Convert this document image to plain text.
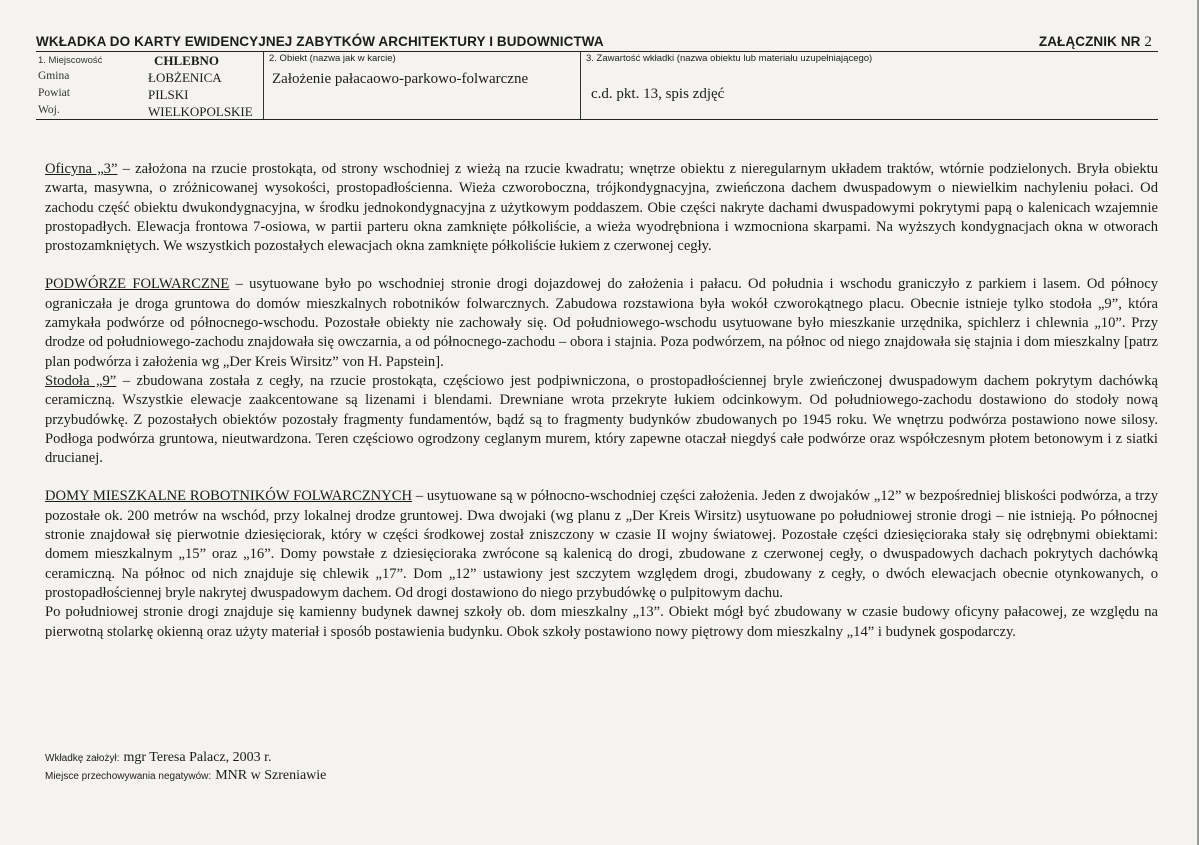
WKŁADKA DO KARTY EWIDENCYJNEJ ZABYTKÓW ARCHITEKTURY I BUDOWNICTWA	ZAŁĄCZNIK NR 2
1. Miejscowość	CHLEBNO
Gmina	ŁOBŻENICA
Powiat	PILSKI
Woj.	WIELKOPOLSKIE
2. Obiekt (nazwa jak w karcie)
Założenie pałacaowo-parkowo-folwarczne
3. Zawartość wkładki (nazwa obiektu lub materiału uzupełniającego)
c.d. pkt. 13, spis zdjęć

Oficyna „3” – założona na rzucie prostokąta, od strony wschodniej z wieżą na rzucie kwadratu; wnętrze obiektu z nieregularnym układem traktów, wtórnie podzielonych. Bryła obiektu zwarta, masywna, o zróżnicowanej wysokości, prostopadłościenna. Wieża czworoboczna, trójkondygnacyjna, zwieńczona dachem dwuspadowym o niewielkim nachyleniu połaci. Od zachodu część obiektu dwukondygnacyjna, w środku jednokondygnacyjna z użytkowym poddaszem. Obie części nakryte dachami dwuspadowymi pokrytymi papą o kalenicach wzajemnie prostopadłych. Elewacja frontowa 7-osiowa, w partii parteru okna zamknięte półkoliście, a wieża wyodrębniona i wzmocniona skarpami. Na wyższych kondygnacjach okna w otworach prostozamkniętych. We wszystkich pozostałych elewacjach okna zamknięte półkoliście łukiem z czerwonej cegły.

PODWÓRZE FOLWARCZNE – usytuowane było po wschodniej stronie drogi dojazdowej do założenia i pałacu. Od południa i wschodu graniczyło z parkiem i lasem. Od północy ograniczała je droga gruntowa do domów mieszkalnych robotników folwarcznych. Zabudowa rozstawiona była wokół czworokątnego placu. Obecnie istnieje tylko stodoła „9”, która zamykała podwórze od północnego-wschodu. Pozostałe obiekty nie zachowały się. Od południowego-wschodu usytuowane było mieszkanie urzędnika, spichlerz i chlewnia „10”. Przy drodze od południowego-zachodu znajdowała się owczarnia, a od północnego-zachodu – obora i stajnia. Poza podwórzem, na północ od niego znajdowała się stajnia i dom mieszkalny [patrz plan podwórza i założenia wg „Der Kreis Wirsitz” von H. Papstein].

Stodoła „9” – zbudowana została z cegły, na rzucie prostokąta, częściowo jest podpiwniczona, o prostopadłościennej bryle zwieńczonej dwuspadowym dachem pokrytym dachówką ceramiczną. Wszystkie elewacje zaakcentowane są lizenami i blendami. Drewniane wrota przekryte łukiem odcinkowym. Od południowego-zachodu dostawiono do stodoły nową przybudówkę. Z pozostałych obiektów pozostały fragmenty fundamentów, bądź są to fragmenty budynków zbudowanych po 1945 roku. We wnętrzu podwórza postawiono nowe silosy. Podłoga podwórza gruntowa, nieutwardzona. Teren częściowo ogrodzony ceglanym murem, który zapewne otaczał niegdyś całe podwórze oraz współczesnym płotem betonowym i z siatki drucianej.

DOMY MIESZKALNE ROBOTNIKÓW FOLWARCZNYCH – usytuowane są w północno-wschodniej części założenia. Jeden z dwojaków „12” w bezpośredniej bliskości podwórza, a trzy pozostałe ok. 200 metrów na wschód, przy lokalnej drodze gruntowej. Dwa dwojaki (wg planu z „Der Kreis Wirsitz) usytuowane po południowej stronie drogi – nie istnieją. Po północnej stronie znajdował się pierwotnie dziesięciorak, który w części środkowej został zniszczony w czasie II wojny światowej. Pozostałe części dziesięcioraka stały się odrębnymi obiektami: domem mieszkalnym „15” oraz „16”. Domy powstałe z dziesięcioraka zwrócone są kalenicą do drogi, zbudowane z czerwonej cegły, o dwuspadowych dachach pokrytych dachówką ceramiczną. Na północ od nich znajduje się chlewik „17”. Dom „12” ustawiony jest szczytem względem drogi, zbudowany z cegły, o dwóch elewacjach obecnie otynkowanych, o prostopadłościennej bryle nakrytej dwuspadowym dachem. Od drogi dostawiono do niego przybudówkę o pulpitowym dachu.

Po południowej stronie drogi znajduje się kamienny budynek dawnej szkoły ob. dom mieszkalny „13”. Obiekt mógł być zbudowany w czasie budowy oficyny pałacowej, ze względu na pierwotną stolarkę okienną oraz użyty materiał i sposób postawienia budynku. Obok szkoły postawiono nowy piętrowy dom mieszkalny „14” i budynek gospodarczy.

Wkładkę założył: mgr Teresa Palacz, 2003 r.
Miejsce przechowywania negatywów: MNR w Szreniawie
